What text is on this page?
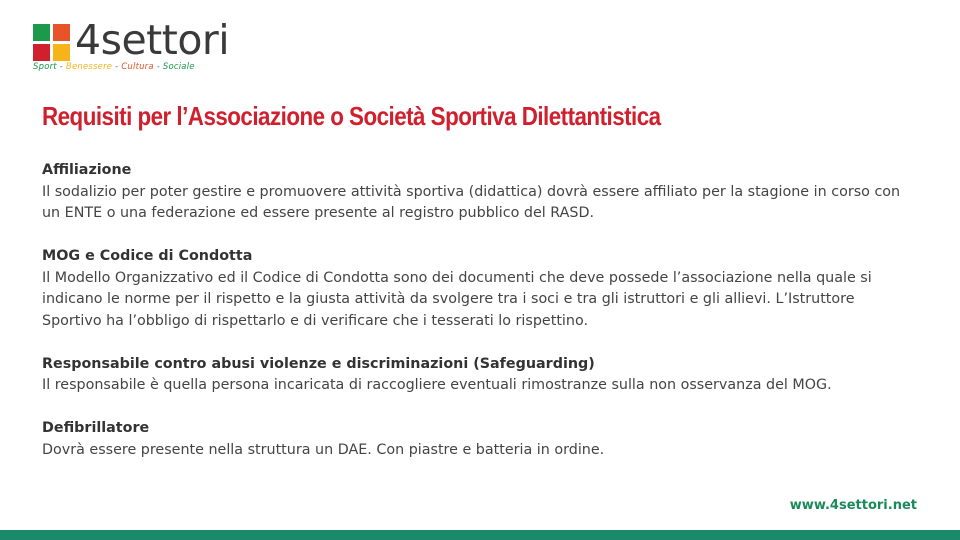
4settori
Sport - Benessere - Cultura - Sociale
Requisiti per l’Associazione o Società Sportiva Dilettantistica
Affiliazione
Il sodalizio per poter gestire e promuovere attività sportiva (didattica) dovrà essere affiliato per la stagione in corso con un ENTE o una federazione ed essere presente al registro pubblico del RASD.
MOG e Codice di Condotta
Il Modello Organizzativo ed il Codice di Condotta sono dei documenti che deve possede l’associazione nella quale si indicano le norme per il rispetto e la giusta attività da svolgere tra i soci e tra gli istruttori e gli allievi. L’Istruttore Sportivo ha l’obbligo di rispettarlo e di verificare che i tesserati lo rispettino.
Responsabile contro abusi violenze e discriminazioni (Safeguarding)
Il responsabile è quella persona incaricata di raccogliere eventuali rimostranze sulla non osservanza del MOG.
Defibrillatore
Dovrà essere presente nella struttura un DAE. Con piastre e batteria in ordine.
www.4settori.net
